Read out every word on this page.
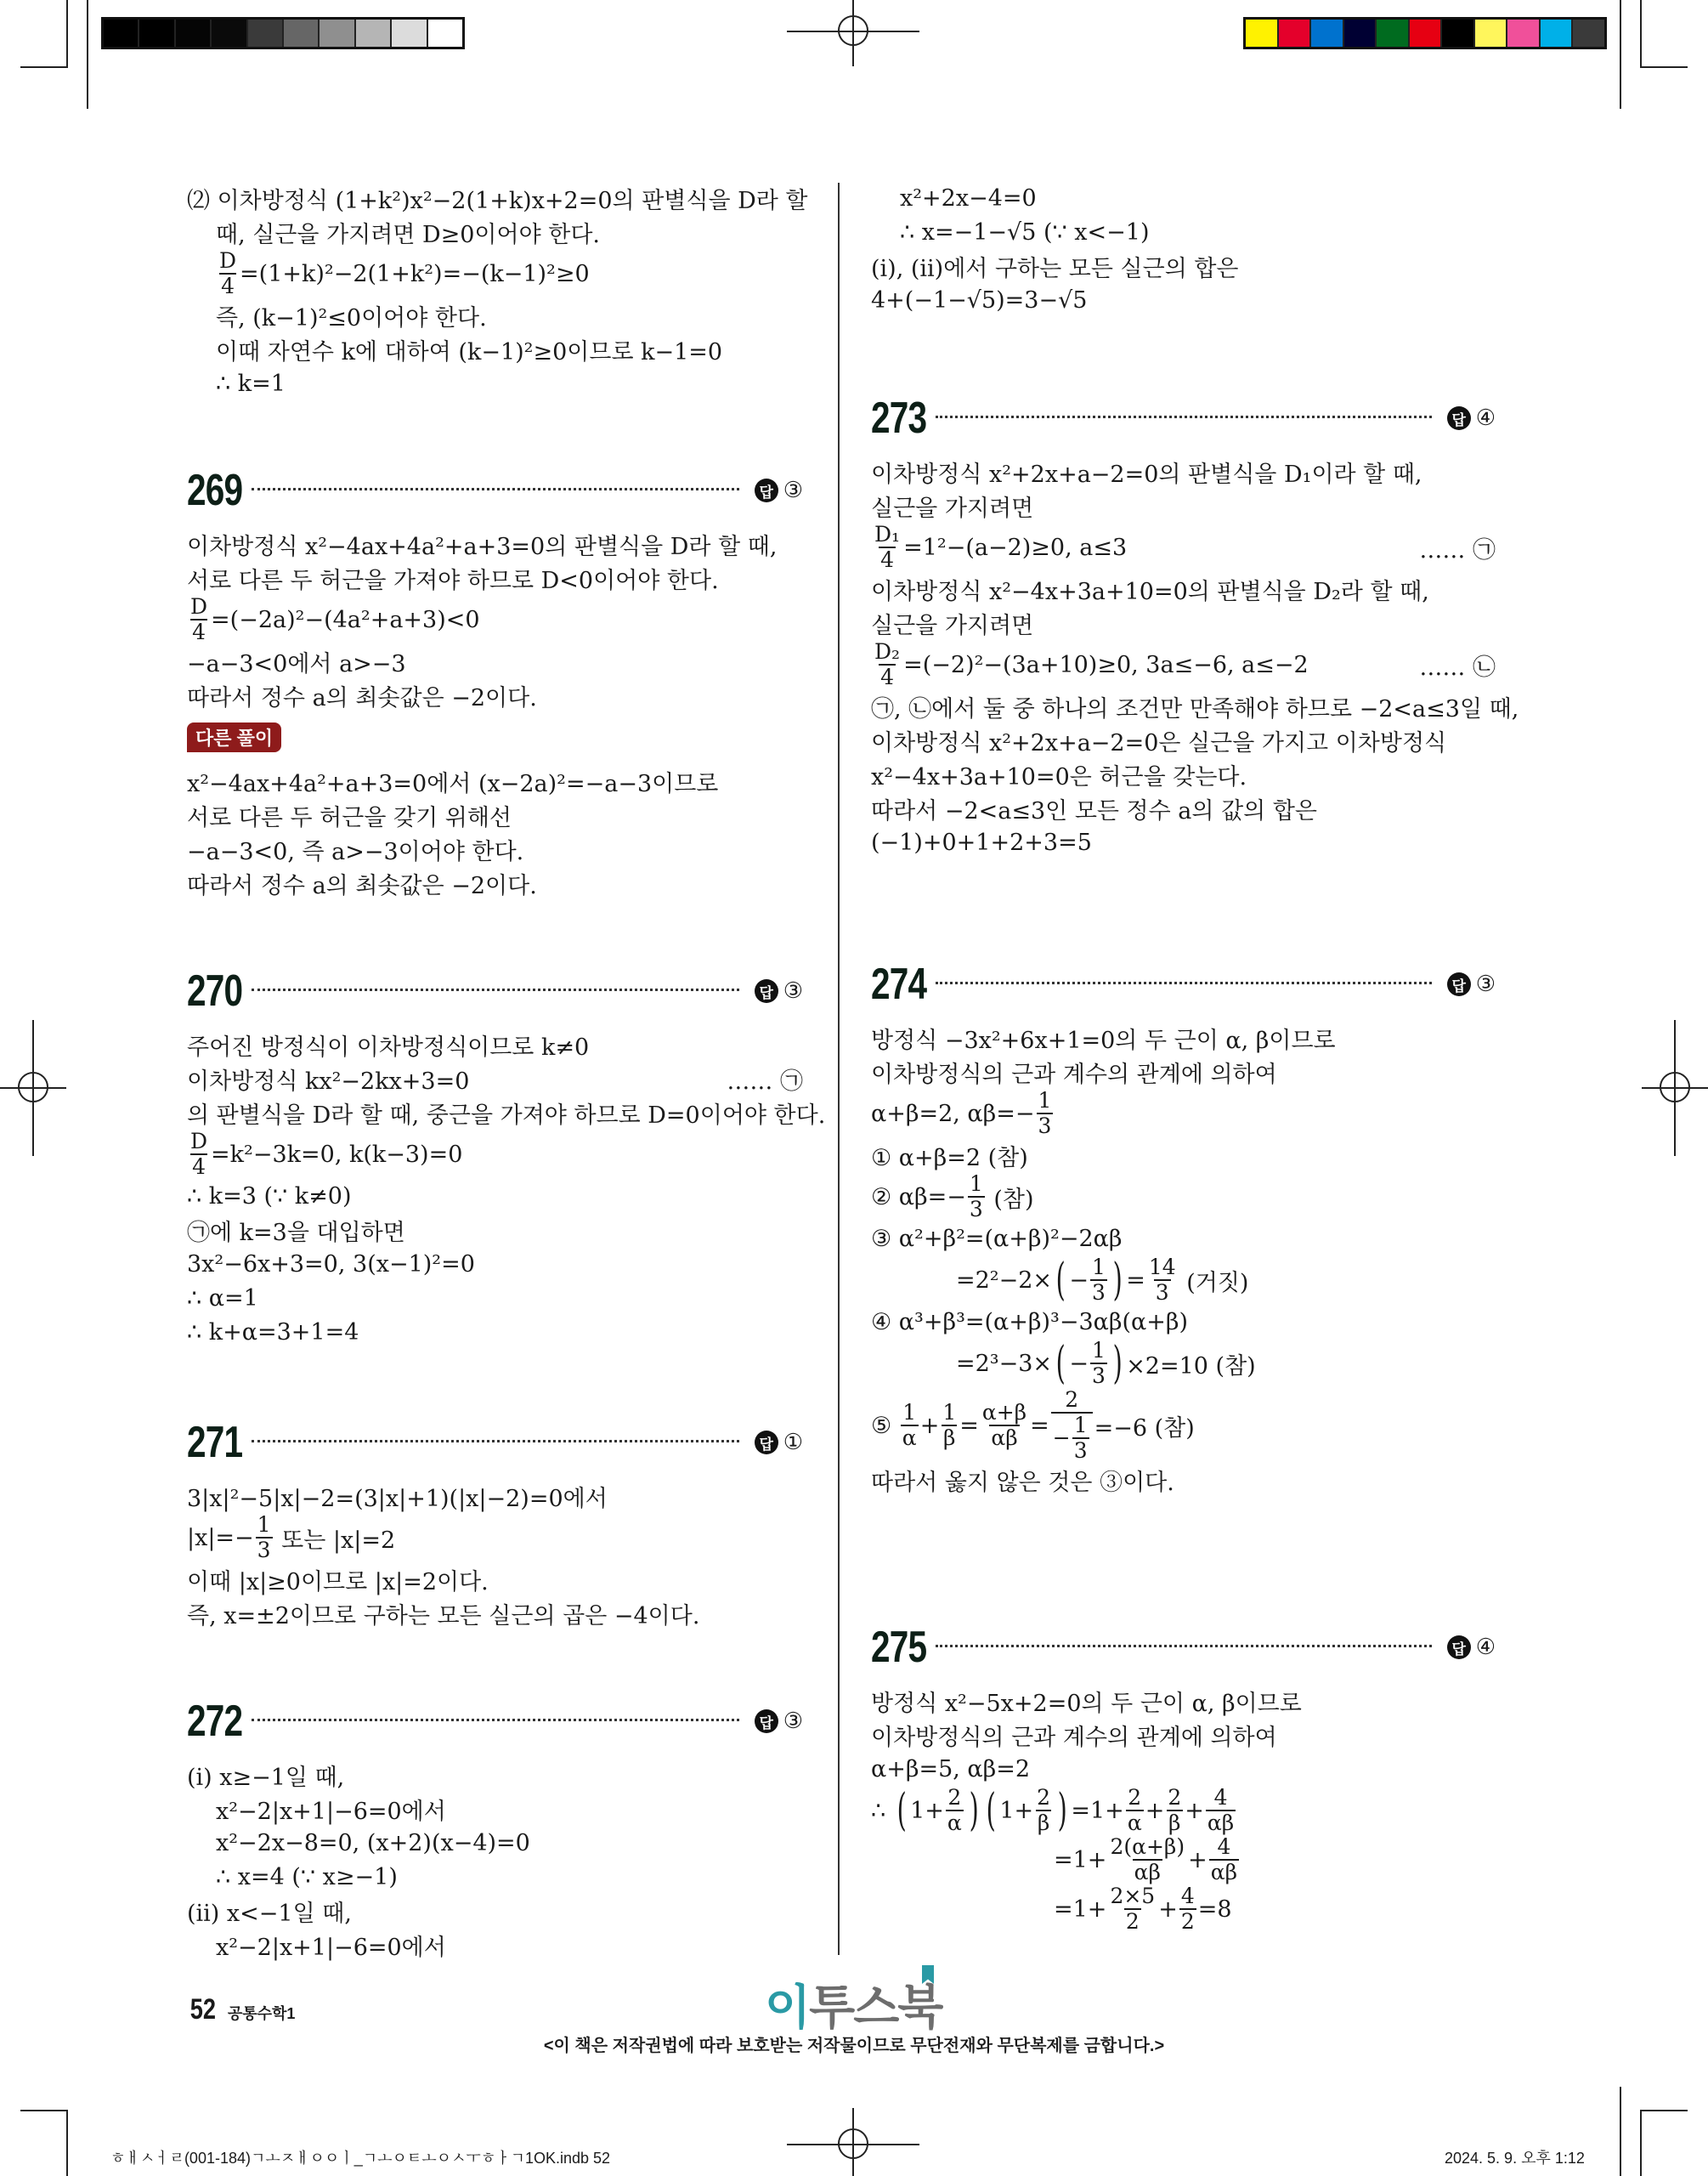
⑵ 이차방정식 (1+k²)x²−2(1+k)x+2=0의 판별식을 D라 할
때, 실근을 가지려면 D≥0이어야 한다.
$\frac{D}{4} =(1+k)^2-2(1+k^2)=-(k-1)^2\ge 0$
즉, (k−1)²≤0이어야 한다.
이때 자연수 k에 대하여 (k−1)²≥0이므로 k−1=0
∴ k=1
269	답 ③
이차방정식 x²−4ax+4a²+a+3=0의 판별식을 D라 할 때,
서로 다른 두 허근을 가져야 하므로 D<0이어야 한다.
$\frac{D}{4} =(-2a)^2-(4a^2+a+3)<0$
−a−3<0에서 a>−3
따라서 정수 a의 최솟값은 −2이다.
다른 풀이
x²−4ax+4a²+a+3=0에서 (x−2a)²=−a−3이므로
서로 다른 두 허근을 갖기 위해선
−a−3<0, 즉 a>−3이어야 한다.
따라서 정수 a의 최솟값은 −2이다.
270	답 ③
주어진 방정식이 이차방정식이므로 k≠0
이차방정식 kx²−2kx+3=0	…… ㉠
의 판별식을 D라 할 때, 중근을 가져야 하므로 D=0이어야 한다.
$\frac{D}{4} =k^2-3k=0$, k(k−3)=0
∴ k=3 (∵ k≠0)
㉠에 k=3을 대입하면
3x²−6x+3=0, 3(x−1)²=0
∴ α=1
∴ k+α=3+1=4
271	답 ①
3|x|²−5|x|−2=(3|x|+1)(|x|−2)=0에서
$|x|=- \frac{1}{3}$ 또는 |x|=2
이때 |x|≥0이므로 |x|=2이다.
즉, x=±2이므로 구하는 모든 실근의 곱은 −4이다.
272	답 ③
(ⅰ) x≥−1일 때,
x²−2|x+1|−6=0에서
x²−2x−8=0, (x+2)(x−4)=0
∴ x=4 (∵ x≥−1)
(ⅱ) x<−1일 때,
x²−2|x+1|−6=0에서
x²+2x−4=0
∴ x=−1−√5 (∵ x<−1)
(ⅰ), (ⅱ)에서 구하는 모든 실근의 합은
4+(−1−√5)=3−√5
273	답 ④
이차방정식 x²+2x+a−2=0의 판별식을 D₁이라 할 때,
실근을 가지려면
$\frac{\text{D₁}}{4} =1^2-(a-2)\ge 0$, a≤3	…… ㉠
이차방정식 x²−4x+3a+10=0의 판별식을 D₂라 할 때,
실근을 가지려면
$\frac{\text{D₂}}{4} =(-2)^2-(3a+10)\ge 0$, 3a≤−6, a≤−2	…… ㉡
㉠, ㉡에서 둘 중 하나의 조건만 만족해야 하므로 −2<a≤3일 때,
이차방정식 x²+2x+a−2=0은 실근을 가지고 이차방정식
x²−4x+3a+10=0은 허근을 갖는다.
따라서 −2<a≤3인 모든 정수 a의 값의 합은
(−1)+0+1+2+3=5
274	답 ③
방정식 −3x²+6x+1=0의 두 근이 α, β이므로
이차방정식의 근과 계수의 관계에 의하여
α+β=2, $\alpha\beta=- \frac{1}{3}$
① α+β=2 (참)
② $\alpha\beta=- \frac{1}{3}$ (참)
③ α²+β²=(α+β)²−2αβ
=2²−2× ( − $\frac{1}{3}$ ) = $\frac{14}{3}$ (거짓)
④ α³+β³=(α+β)³−3αβ(α+β)
=2³−3× ( − $\frac{1}{3}$ ) ×2=10 (참)
⑤ $\frac{1}{\alpha} + \frac{1}{\beta} = \frac{\alpha+\beta}{\alpha\beta} = \frac{2}{- \frac{1}{3}} =-6$ (참)
따라서 옳지 않은 것은 ③이다.
275	답 ④
방정식 x²−5x+2=0의 두 근이 α, β이므로
이차방정식의 근과 계수의 관계에 의하여
α+β=5, αβ=2
∴ ( $1+ \frac{2}{\alpha}$ ) ( $1+ \frac{2}{\beta}$ ) $=1+ \frac{2}{\alpha} + \frac{2}{\beta} + \frac{4}{\alpha\beta}$
$=1+ \frac{2(\alpha+\beta)}{\alpha\beta} + \frac{4}{\alpha\beta}$
$=1+ \frac{2\times 5}{2} + \frac{4}{2} =8$
52 공통수학1	이투스북
<이 책은 저작권법에 따라 보호받는 저작물이므로 무단전재와 무단복제를 금합니다.>
ㅎㅐㅅㅓㄹ(001-184)ㄱㅗㅈㅐㅇㅇㅣ_ㄱㅗㅇㅌㅗㅇㅅㅜㅎㅏㄱ1OK.indb 52	2024. 5. 9. 오후 1:12
